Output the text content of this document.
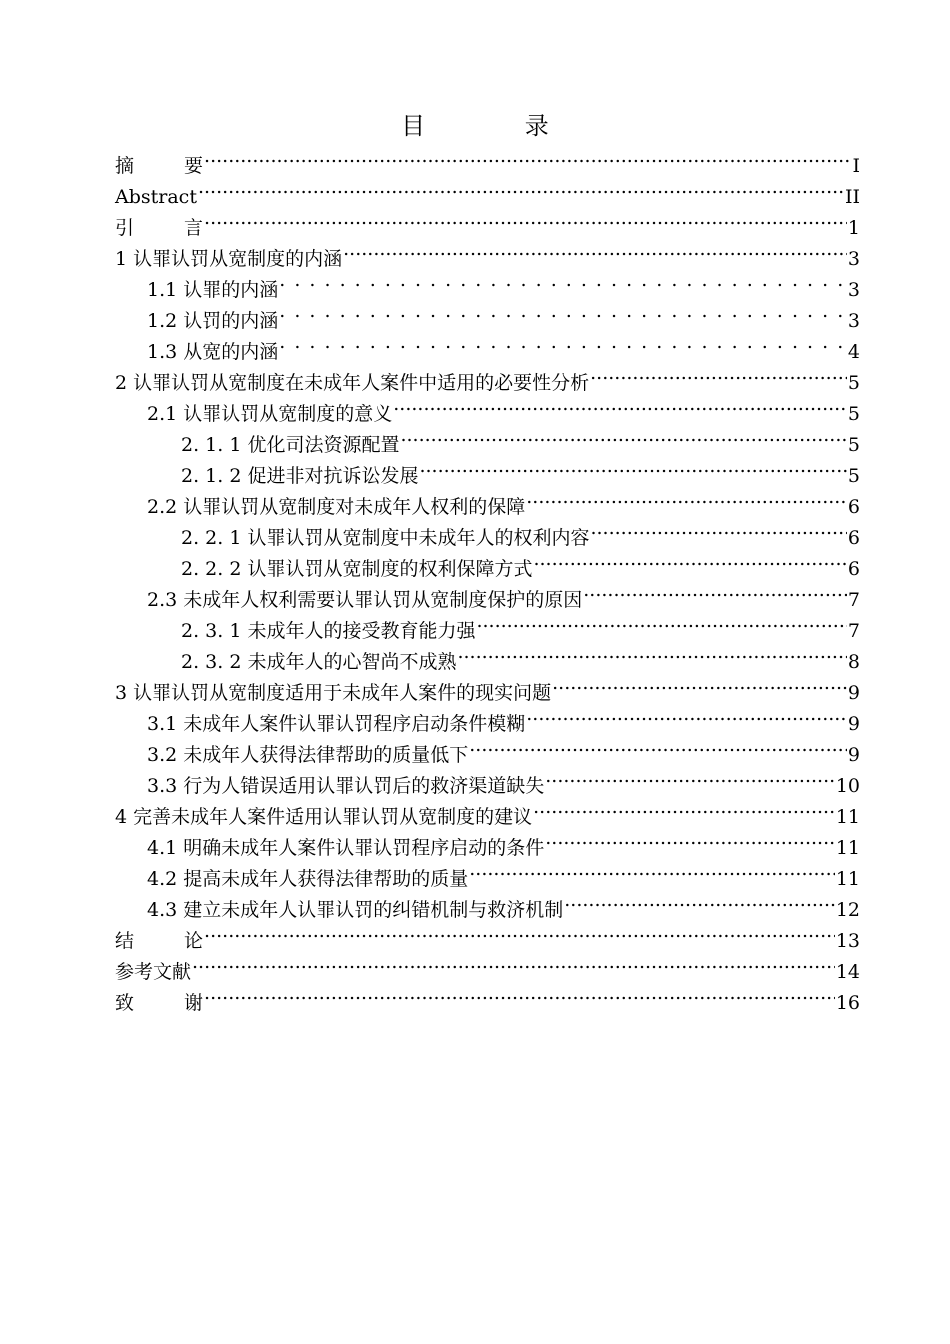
目 录
摘要 .....	I
Abstract .....	II
引言 .....	1
1 认罪认罚从宽制度的内涵 .....	3
1.1 认罪的内涵 . . .	3
1.2 认罚的内涵 . . .	3
1.3 从宽的内涵 . . .	4
2 认罪认罚从宽制度在未成年人案件中适用的必要性分析 .....	5
2.1 认罪认罚从宽制度的意义 .....	5
2. 1. 1 优化司法资源配置 .....	5
2. 1. 2 促进非对抗诉讼发展 .....	5
2.2 认罪认罚从宽制度对未成年人权利的保障 .....	6
2. 2. 1 认罪认罚从宽制度中未成年人的权利内容 .....	6
2. 2. 2 认罪认罚从宽制度的权利保障方式 .....	6
2.3 未成年人权利需要认罪认罚从宽制度保护的原因 .....	7
2. 3. 1 未成年人的接受教育能力强 .....	7
2. 3. 2 未成年人的心智尚不成熟 .....	8
3 认罪认罚从宽制度适用于未成年人案件的现实问题 .....	9
3.1 未成年人案件认罪认罚程序启动条件模糊 .....	9
3.2 未成年人获得法律帮助的质量低下 .....	9
3.3 行为人错误适用认罪认罚后的救济渠道缺失 .....	10
4 完善未成年人案件适用认罪认罚从宽制度的建议 .....	11
4.1 明确未成年人案件认罪认罚程序启动的条件 .....	11
4.2 提高未成年人获得法律帮助的质量 .....	11
4.3 建立未成年人认罪认罚的纠错机制与救济机制 .....	12
结论 .....	13
参考文献 .....	14
致谢 .....	16
